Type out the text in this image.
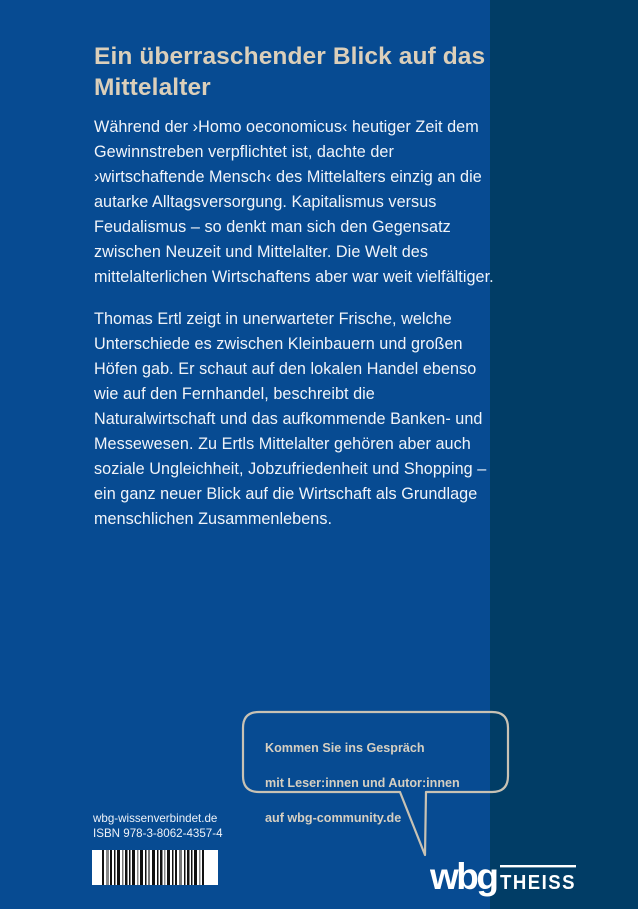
Ein überraschender Blick auf das Mittelalter

Während der ›Homo oeconomicus‹ heutiger Zeit dem Gewinnstreben verpflichtet ist, dachte der ›wirtschaftende Mensch‹ des Mittelalters einzig an die autarke Alltagsversorgung. Kapitalismus versus Feudalismus – so denkt man sich den Gegensatz zwischen Neuzeit und Mittelalter. Die Welt des mittelalterlichen Wirtschaftens aber war weit vielfältiger.

Thomas Ertl zeigt in unerwarteter Frische, welche Unterschiede es zwischen Kleinbauern und großen Höfen gab. Er schaut auf den lokalen Handel ebenso wie auf den Fernhandel, beschreibt die Naturalwirtschaft und das aufkommende Banken- und Messewesen. Zu Ertls Mittelalter gehören aber auch soziale Ungleichheit, Jobzufriedenheit und Shopping – ein ganz neuer Blick auf die Wirtschaft als Grundlage menschlichen Zusammenlebens.

Kommen Sie ins Gespräch

mit Leser:innen und Autor:innen

auf wbg-community.de

wbg-wissenverbindet.de
ISBN 978-3-8062-4357-4
wbg THEISS
